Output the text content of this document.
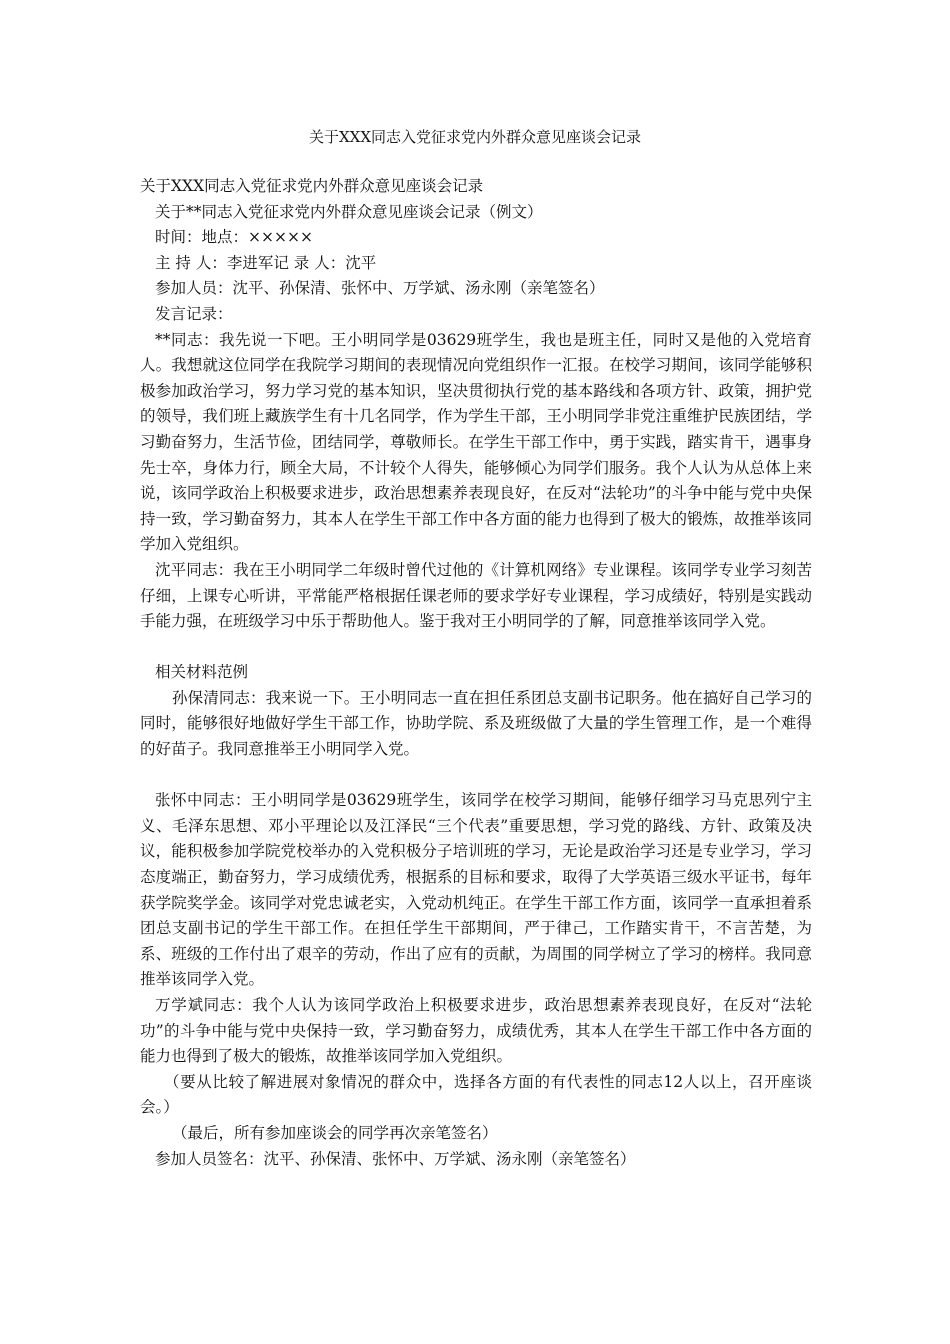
关于XXX同志入党征求党内外群众意见座谈会记录

关于XXX同志入党征求党内外群众意见座谈会记录

关于**同志入党征求党内外群众意见座谈会记录（例文）

时间：地点：×××××

主 持 人：李进军记 录 人：沈平

参加人员：沈平、孙保清、张怀中、万学斌、汤永刚（亲笔签名）

发言记录：

**同志：我先说一下吧。王小明同学是03629班学生，我也是班主任，同时又是他的入党培育人。我想就这位同学在我院学习期间的表现情况向党组织作一汇报。在校学习期间，该同学能够积极参加政治学习，努力学习党的基本知识，坚决贯彻执行党的基本路线和各项方针、政策，拥护党的领导，我们班上藏族学生有十几名同学，作为学生干部，王小明同学非党注重维护民族团结，学习勤奋努力，生活节俭，团结同学，尊敬师长。在学生干部工作中，勇于实践，踏实肯干，遇事身先士卒，身体力行，顾全大局，不计较个人得失，能够倾心为同学们服务。我个人认为从总体上来说，该同学政治上积极要求进步，政治思想素养表现良好，在反对“法轮功”的斗争中能与党中央保持一致，学习勤奋努力，其本人在学生干部工作中各方面的能力也得到了极大的锻炼，故推举该同学加入党组织。

沈平同志：我在王小明同学二年级时曾代过他的《计算机网络》专业课程。该同学专业学习刻苦仔细，上课专心听讲，平常能严格根据任课老师的要求学好专业课程，学习成绩好，特别是实践动手能力强，在班级学习中乐于帮助他人。鉴于我对王小明同学的了解，同意推举该同学入党。

相关材料范例

孙保清同志：我来说一下。王小明同志一直在担任系团总支副书记职务。他在搞好自己学习的同时，能够很好地做好学生干部工作，协助学院、系及班级做了大量的学生管理工作，是一个难得的好苗子。我同意推举王小明同学入党。

张怀中同志：王小明同学是03629班学生，该同学在校学习期间，能够仔细学习马克思列宁主义、毛泽东思想、邓小平理论以及江泽民“三个代表”重要思想，学习党的路线、方针、政策及决议，能积极参加学院党校举办的入党积极分子培训班的学习，无论是政治学习还是专业学习，学习态度端正，勤奋努力，学习成绩优秀，根据系的目标和要求，取得了大学英语三级水平证书，每年获学院奖学金。该同学对党忠诚老实，入党动机纯正。在学生干部工作方面，该同学一直承担着系团总支副书记的学生干部工作。在担任学生干部期间，严于律己，工作踏实肯干，不言苦楚，为系、班级的工作付出了艰辛的劳动，作出了应有的贡献，为周围的同学树立了学习的榜样。我同意推举该同学入党。

万学斌同志：我个人认为该同学政治上积极要求进步，政治思想素养表现良好，在反对“法轮功”的斗争中能与党中央保持一致，学习勤奋努力，成绩优秀，其本人在学生干部工作中各方面的能力也得到了极大的锻炼，故推举该同学加入党组织。

（要从比较了解进展对象情况的群众中，选择各方面的有代表性的同志12人以上，召开座谈会。）

（最后，所有参加座谈会的同学再次亲笔签名）

参加人员签名：沈平、孙保清、张怀中、万学斌、汤永刚（亲笔签名）
